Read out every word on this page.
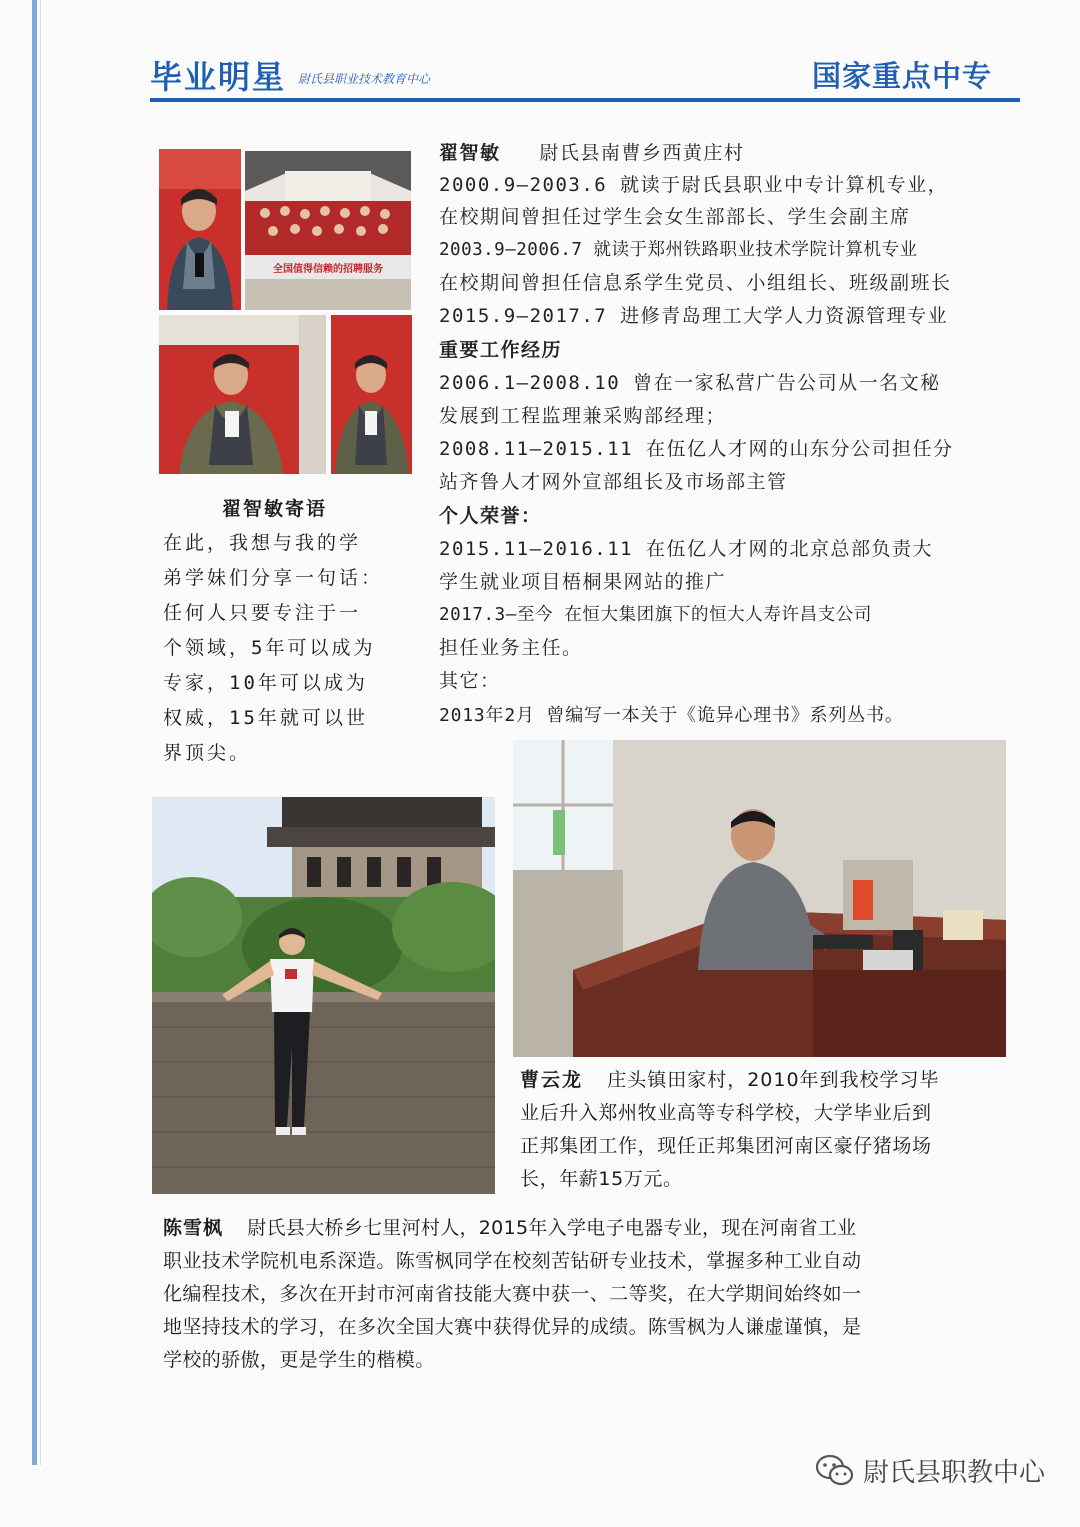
毕业明星 尉氏县职业技术教育中心	国家重点中专
全国值得信赖的招聘服务
翟智敏寄语
在此，我想与我的学
弟学妹们分享一句话：
任何人只要专注于一
个领域，5年可以成为
专家，10年可以成为
权威，15年就可以世
界顶尖。
翟智敏 尉氏县南曹乡西黄庄村
2000.9—2003.6 就读于尉氏县职业中专计算机专业，
在校期间曾担任过学生会女生部部长、学生会副主席
2003.9—2006.7 就读于郑州铁路职业技术学院计算机专业
在校期间曾担任信息系学生党员、小组组长、班级副班长
2015.9—2017.7 进修青岛理工大学人力资源管理专业
重要工作经历
2006.1—2008.10 曾在一家私营广告公司从一名文秘
发展到工程监理兼采购部经理；
2008.11—2015.11 在伍亿人才网的山东分公司担任分
站齐鲁人才网外宣部组长及市场部主管
个人荣誉：
2015.11—2016.11 在伍亿人才网的北京总部负责大
学生就业项目梧桐果网站的推广
2017.3—至今 在恒大集团旗下的恒大人寿许昌支公司
担任业务主任。
其它：
2013年2月 曾编写一本关于《诡异心理书》系列丛书。
曹云龙 庄头镇田家村，2010年到我校学习毕
业后升入郑州牧业高等专科学校，大学毕业后到
正邦集团工作，现任正邦集团河南区豪仔猪场场
长，年薪15万元。
陈雪枫 尉氏县大桥乡七里河村人，2015年入学电子电器专业，现在河南省工业
职业技术学院机电系深造。陈雪枫同学在校刻苦钻研专业技术，掌握多种工业自动
化编程技术，多次在开封市河南省技能大赛中获一、二等奖，在大学期间始终如一
地坚持技术的学习，在多次全国大赛中获得优异的成绩。陈雪枫为人谦虚谨慎，是
学校的骄傲，更是学生的楷模。
尉氏县职教中心
